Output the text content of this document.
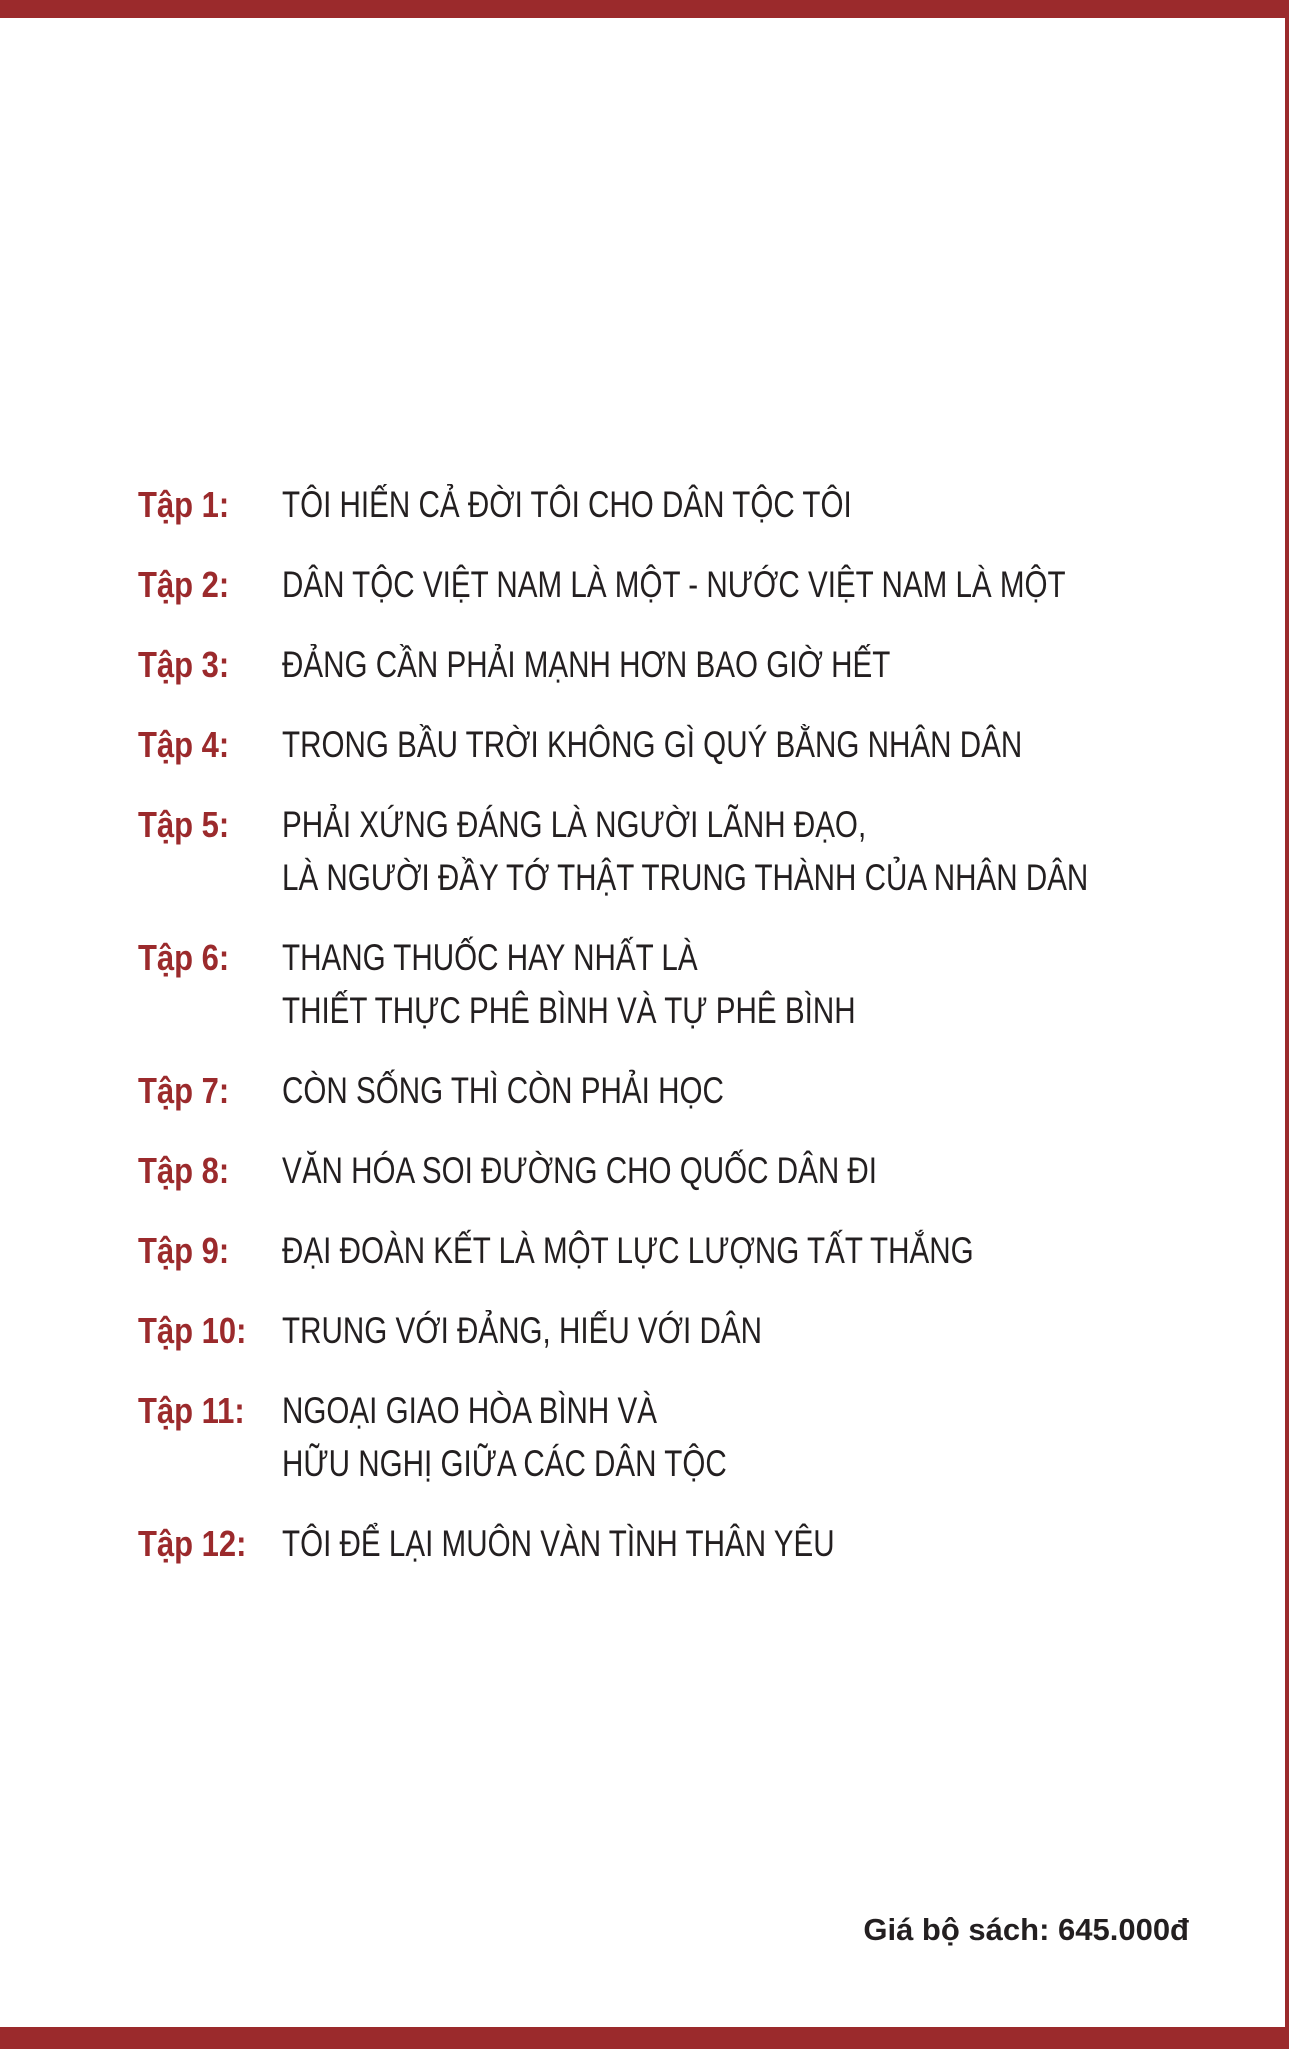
Tập 1:	TÔI HIẾN CẢ ĐỜI TÔI CHO DÂN TỘC TÔI
Tập 2:	DÂN TỘC VIỆT NAM LÀ MỘT - NƯỚC VIỆT NAM LÀ MỘT
Tập 3:	ĐẢNG CẦN PHẢI MẠNH HƠN BAO GIỜ HẾT
Tập 4:	TRONG BẦU TRỜI KHÔNG GÌ QUÝ BẰNG NHÂN DÂN
Tập 5:	PHẢI XỨNG ĐÁNG LÀ NGƯỜI LÃNH ĐẠO,
LÀ NGƯỜI ĐẦY TỚ THẬT TRUNG THÀNH CỦA NHÂN DÂN
Tập 6:	THANG THUỐC HAY NHẤT LÀ
THIẾT THỰC PHÊ BÌNH VÀ TỰ PHÊ BÌNH
Tập 7:	CÒN SỐNG THÌ CÒN PHẢI HỌC
Tập 8:	VĂN HÓA SOI ĐƯỜNG CHO QUỐC DÂN ĐI
Tập 9:	ĐẠI ĐOÀN KẾT LÀ MỘT LỰC LƯỢNG TẤT THẮNG
Tập 10: TRUNG VỚI ĐẢNG, HIẾU VỚI DÂN
Tập 11:	NGOẠI GIAO HÒA BÌNH VÀ
HỮU NGHỊ GIỮA CÁC DÂN TỘC
Tập 12: TÔI ĐỂ LẠI MUÔN VÀN TÌNH THÂN YÊU
Giá bộ sách: 645.000đ
